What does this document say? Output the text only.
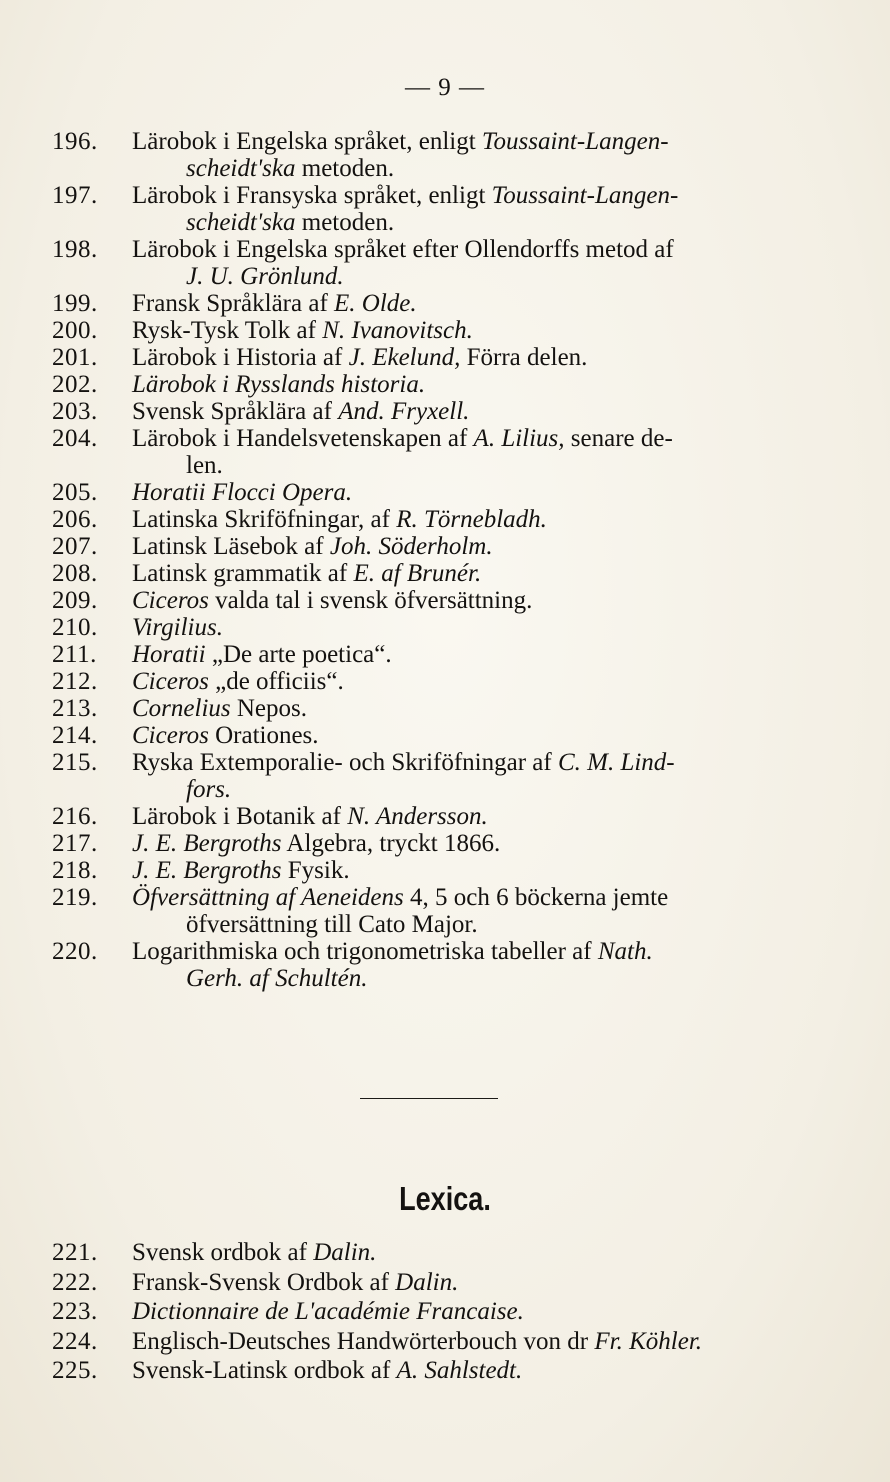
— 9 —
196.	Lärobok i Engelska språket, enligt Toussaint-Langen-
scheidt'ska metoden.
197.	Lärobok i Fransyska språket, enligt Toussaint-Langen-
scheidt'ska metoden.
198.	Lärobok i Engelska språket efter Ollendorffs metod af
J. U. Grönlund.
199.	Fransk Språklära af E. Olde.
200.	Rysk-Tysk Tolk af N. Ivanovitsch.
201.	Lärobok i Historia af J. Ekelund, Förra delen.
202.	Lärobok i Rysslands historia.
203.	Svensk Språklära af And. Fryxell.
204.	Lärobok i Handelsvetenskapen af A. Lilius, senare de-
len.
205.	Horatii Flocci Opera.
206.	Latinska Skriföfningar, af R. Törnebladh.
207.	Latinsk Läsebok af Joh. Söderholm.
208.	Latinsk grammatik af E. af Brunér.
209.	Ciceros valda tal i svensk öfversättning.
210.	Virgilius.
211.	Horatii „De arte poetica“.
212.	Ciceros „de officiis“.
213.	Cornelius Nepos.
214.	Ciceros Orationes.
215.	Ryska Extemporalie- och Skriföfningar af C. M. Lind-
fors.
216.	Lärobok i Botanik af N. Andersson.
217.	J. E. Bergroths Algebra, tryckt 1866.
218.	J. E. Bergroths Fysik.
219.	Öfversättning af Aeneidens 4, 5 och 6 böckerna jemte
öfversättning till Cato Major.
220.	Logarithmiska och trigonometriska tabeller af Nath.
Gerh. af Schultén.
Lexica.
221.	Svensk ordbok af Dalin.
222.	Fransk-Svensk Ordbok af Dalin.
223.	Dictionnaire de L'académie Francaise.
224.	Englisch-Deutsches Handwörterbouch von dr Fr. Köhler.
225.	Svensk-Latinsk ordbok af A. Sahlstedt.
